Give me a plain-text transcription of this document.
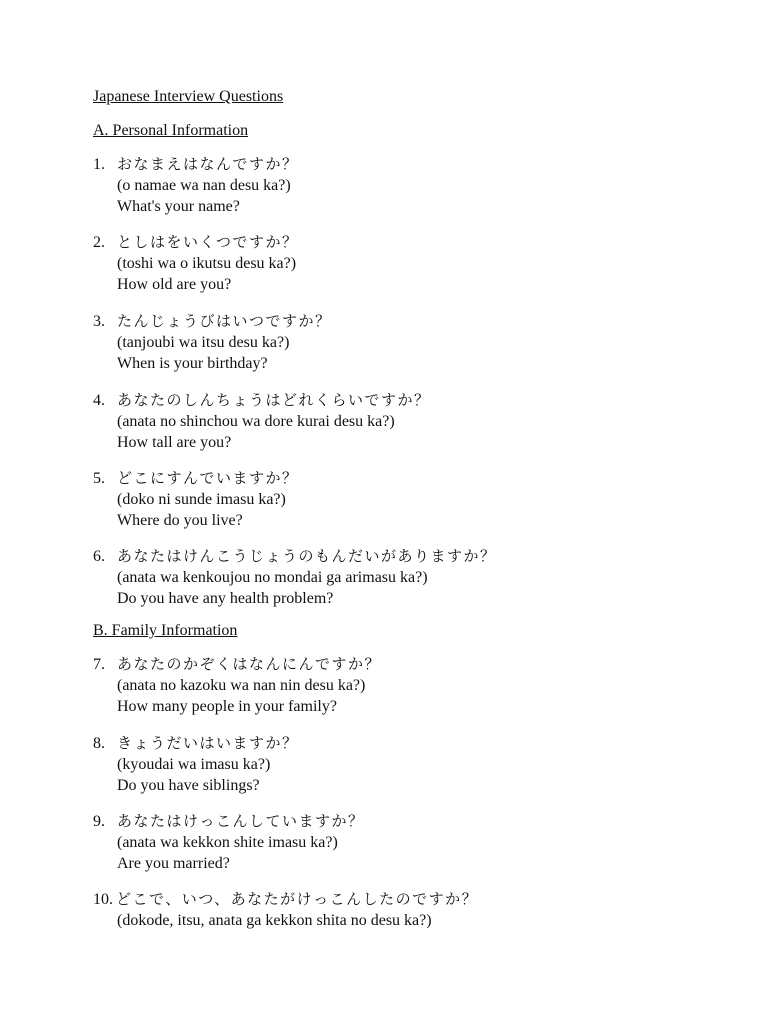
Japanese Interview Questions
A. Personal Information
1. おなまえはなんですか？
(o namae wa nan desu ka?)
What's your name?
2. としはをいくつですか？
(toshi wa o ikutsu desu ka?)
How old are you?
3. たんじょうびはいつですか？
(tanjoubi wa itsu desu ka?)
When is your birthday?
4. あなたのしんちょうはどれくらいですか？
(anata no shinchou wa dore kurai desu ka?)
How tall are you?
5. どこにすんでいますか？
(doko ni sunde imasu ka?)
Where do you live?
6. あなたはけんこうじょうのもんだいがありますか？
(anata wa kenkoujou no mondai ga arimasu ka?)
Do you have any health problem?
B. Family Information
7. あなたのかぞくはなんにんですか？
(anata no kazoku wa nan nin desu ka?)
How many people in your family?
8. きょうだいはいますか？
(kyoudai wa imasu ka?)
Do you have siblings?
9. あなたはけっこんしていますか？
(anata wa kekkon shite imasu ka?)
Are you married?
10. どこで、いつ、あなたがけっこんしたのですか？
(dokode, itsu, anata ga kekkon shita no desu ka?)
